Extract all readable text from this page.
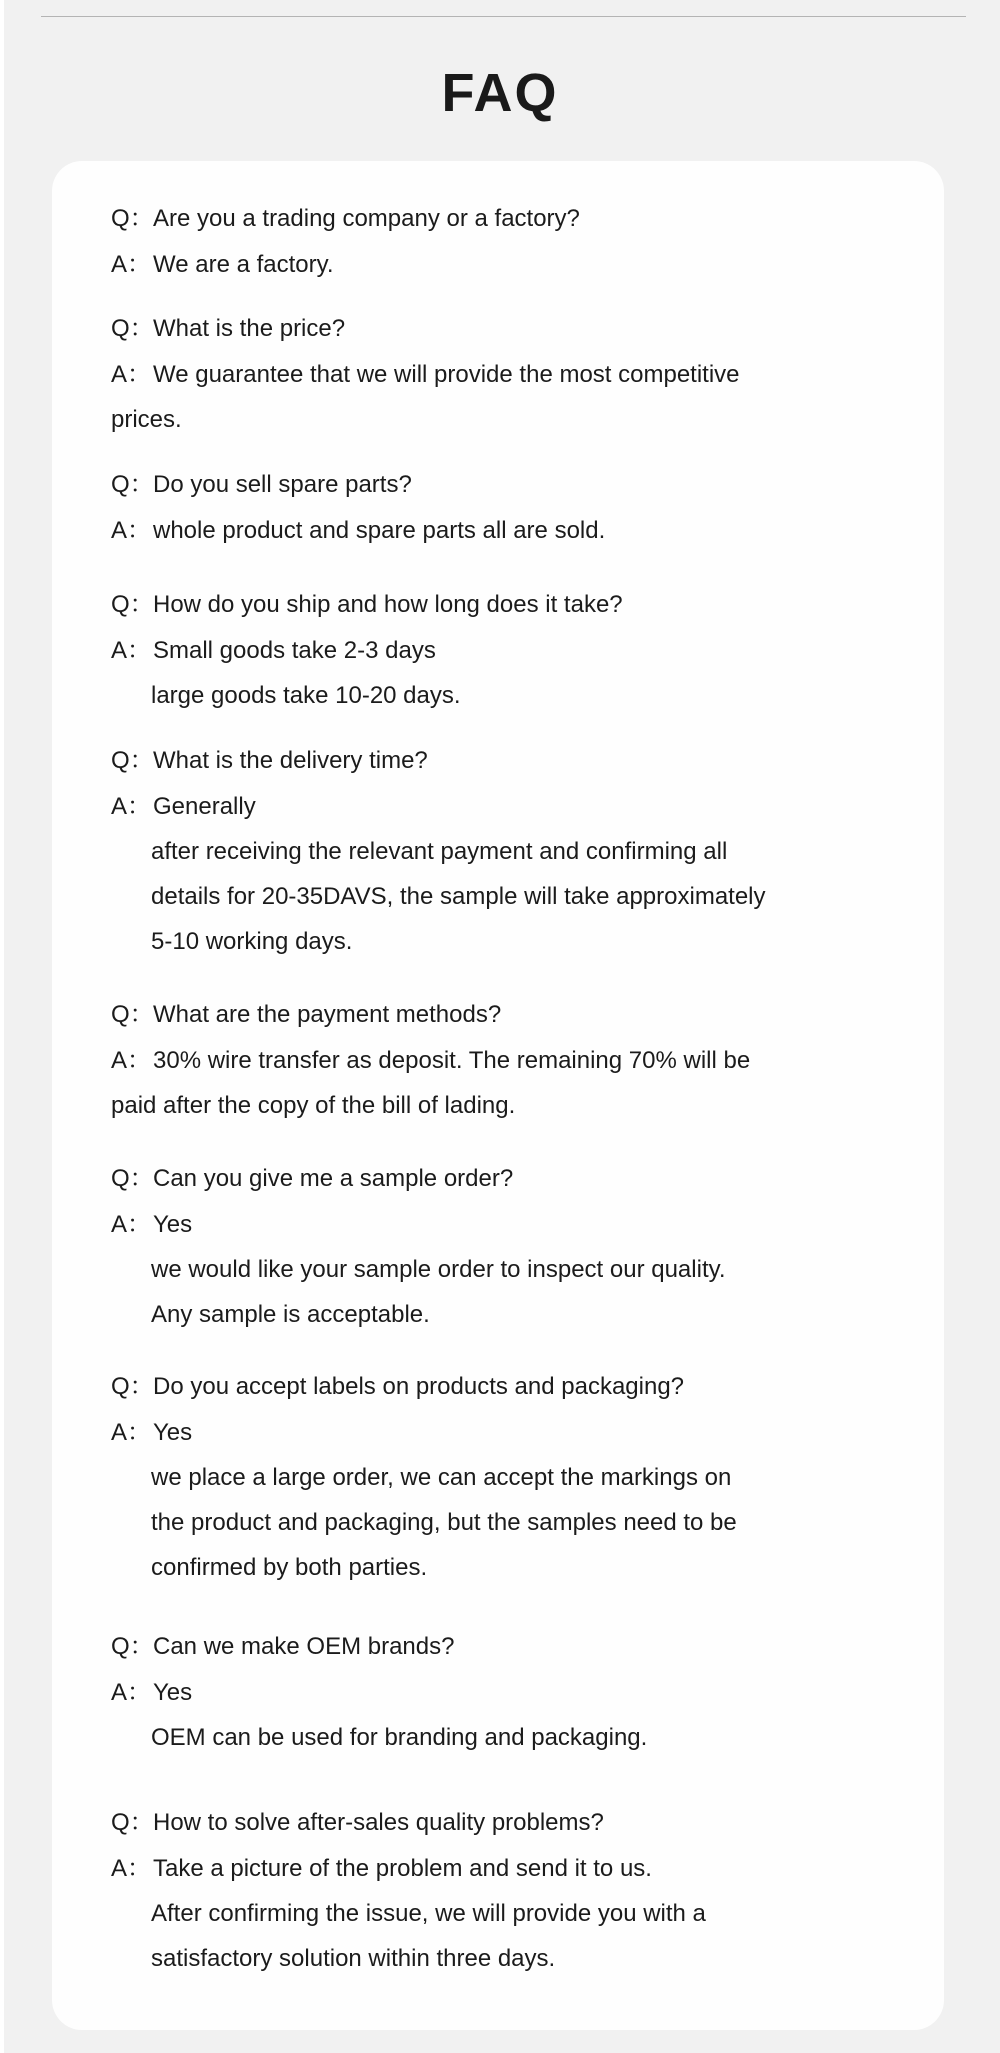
FAQ
Q：Are you a trading company or a factory?
A：We are a factory.
Q：What is the price?
A：We guarantee that we will provide the most competitive
prices.
Q：Do you sell spare parts?
A：whole product and spare parts all are sold.
Q：How do you ship and how long does it take?
A：Small goods take 2-3 days
large goods take 10-20 days.
Q：What is the delivery time?
A：Generally
after receiving the relevant payment and confirming all
details for 20-35DAVS, the sample will take approximately
5-10 working days.
Q：What are the payment methods?
A：30% wire transfer as deposit. The remaining 70% will be
paid after the copy of the bill of lading.
Q：Can you give me a sample order?
A：Yes
we would like your sample order to inspect our quality.
Any sample is acceptable.
Q：Do you accept labels on products and packaging?
A：Yes
we place a large order, we can accept the markings on
the product and packaging, but the samples need to be
confirmed by both parties.
Q：Can we make OEM brands?
A：Yes
OEM can be used for branding and packaging.
Q：How to solve after-sales quality problems?
A：Take a picture of the problem and send it to us.
After confirming the issue, we will provide you with a
satisfactory solution within three days.
